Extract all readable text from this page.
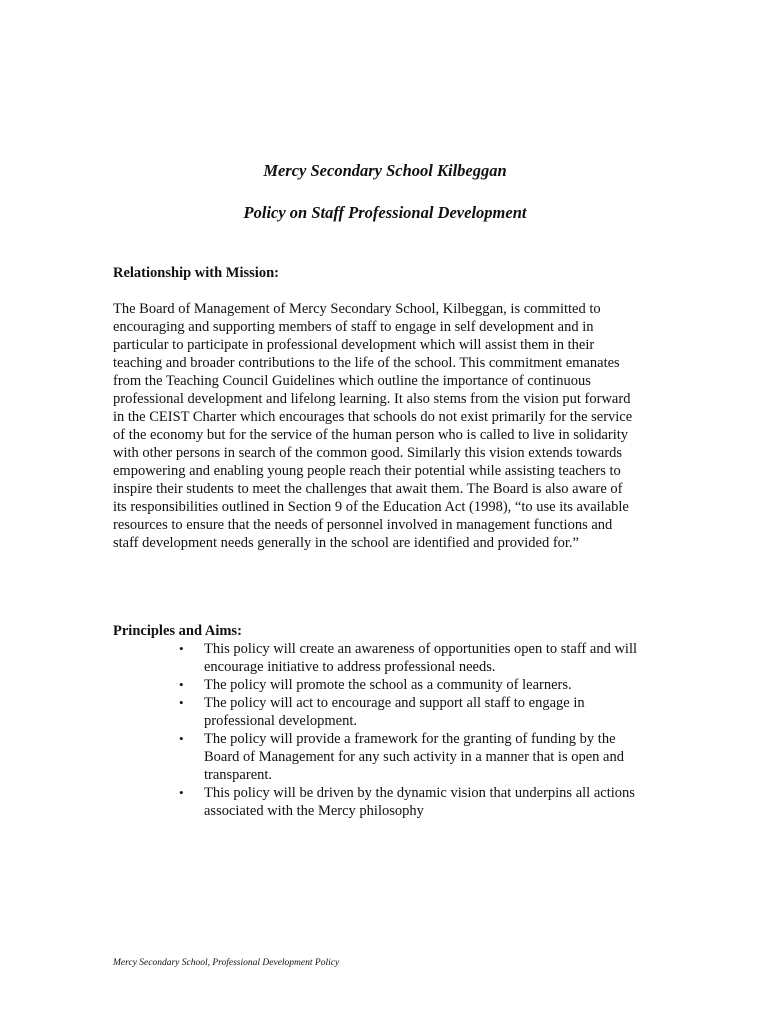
Mercy Secondary School Kilbeggan
Policy on Staff Professional Development
Relationship with Mission:

The Board of Management of Mercy Secondary School, Kilbeggan, is committed to
encouraging and supporting members of staff to engage in self development and in
particular to participate in professional development which will assist them in their
teaching and broader contributions to the life of the school. This commitment emanates
from the Teaching Council Guidelines which outline the importance of continuous
professional development and lifelong learning. It also stems from the vision put forward
in the CEIST Charter which encourages that schools do not exist primarily for the service
of the economy but for the service of the human person who is called to live in solidarity
with other persons in search of the common good. Similarly this vision extends towards
empowering and enabling young people reach their potential while assisting teachers to
inspire their students to meet the challenges that await them. The Board is also aware of
its responsibilities outlined in Section 9 of the Education Act (1998), “to use its available
resources to ensure that the needs of personnel involved in management functions and
staff development needs generally in the school are identified and provided for.”

Principles and Aims:
• This policy will create an awareness of opportunities open to staff and will
encourage initiative to address professional needs.
• The policy will promote the school as a community of learners.
• The policy will act to encourage and support all staff to engage in
professional development.
• The policy will provide a framework for the granting of funding by the
Board of Management for any such activity in a manner that is open and
transparent.
• This policy will be driven by the dynamic vision that underpins all actions
associated with the Mercy philosophy

Mercy Secondary School, Professional Development Policy
